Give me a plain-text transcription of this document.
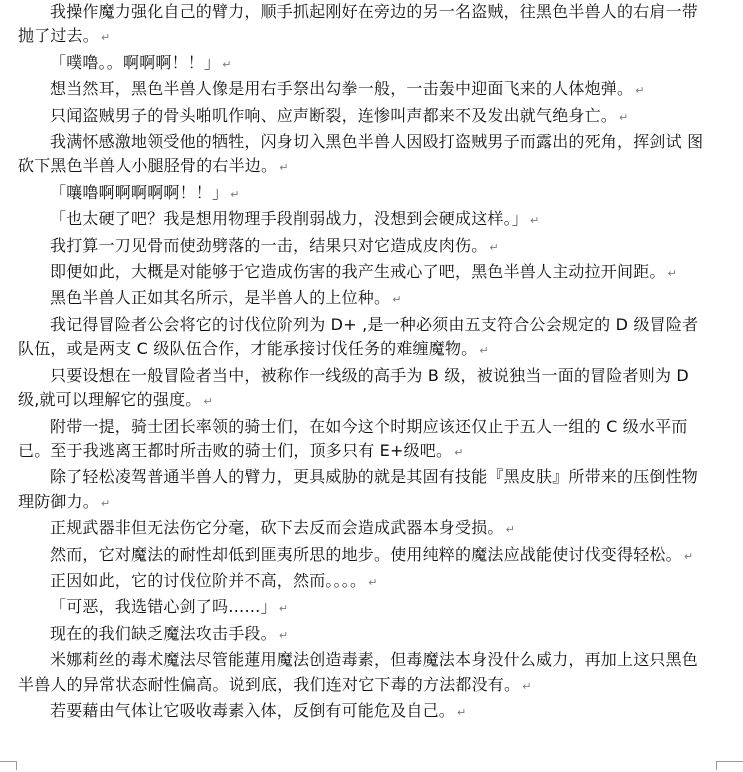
我操作魔力强化自己的臂力，顺手抓起刚好在旁边的另一名盗贼，往黑色半兽人的右肩一带抛了过去。 ↵

「噗噜。。啊啊啊！！」 ↵

想当然耳，黑色半兽人像是用右手祭出勾拳一般，一击轰中迎面飞来的人体炮弹。 ↵

只闻盗贼男子的骨头啪叽作响、应声断裂，连惨叫声都来不及发出就气绝身亡。 ↵

我满怀感激地领受他的牺牲，闪身切入黑色半兽人因殴打盗贼男子而露出的死角，挥剑试 图砍下黑色半兽人小腿胫骨的右半边。 ↵

「嚷噜啊啊啊啊啊！！」 ↵

「也太硬了吧？我是想用物理手段削弱战力，没想到会硬成这样。」 ↵

我打算一刀见骨而使劲劈落的一击，结果只对它造成皮肉伤。 ↵

即便如此，大概是对能够于它造成伤害的我产生戒心了吧，黑色半兽人主动拉开间距。 ↵

黑色半兽人正如其名所示，是半兽人的上位种。 ↵

我记得冒险者公会将它的讨伐位阶列为 D+ ,是一种必须由五支符合公会规定的 D 级冒险者队伍，或是两支 C 级队伍合作，才能承接讨伐任务的难缠魔物。 ↵

只要设想在一般冒险者当中，被称作一线级的高手为 B 级，被说独当一面的冒险者则为 D 级,就可以理解它的强度。 ↵

附带一提，骑士团长率领的骑士们，在如今这个时期应该还仅止于五人一组的 C 级水平而已。至于我逃离王都时所击败的骑士们，顶多只有 E+级吧。 ↵

除了轻松凌驾普通半兽人的臂力，更具威胁的就是其固有技能『黑皮肤』所带来的压倒性物理防御力。 ↵

正规武器非但无法伤它分毫，砍下去反而会造成武器本身受损。 ↵

然而，它对魔法的耐性却低到匪夷所思的地步。使用纯粹的魔法应战能使讨伐变得轻松。 ↵

正因如此，它的讨伐位阶并不高，然而。。。。 ↵

「可恶，我选错心剑了吗……」 ↵

现在的我们缺乏魔法攻击手段。 ↵

米娜莉丝的毒术魔法尽管能蓮用魔法创造毒素，但毒魔法本身没什么威力，再加上这只黑色半兽人的异常状态耐性偏高。说到底，我们连对它下毒的方法都没有。 ↵

若要藉由气体让它吸收毒素入体，反倒有可能危及自己。 ↵
